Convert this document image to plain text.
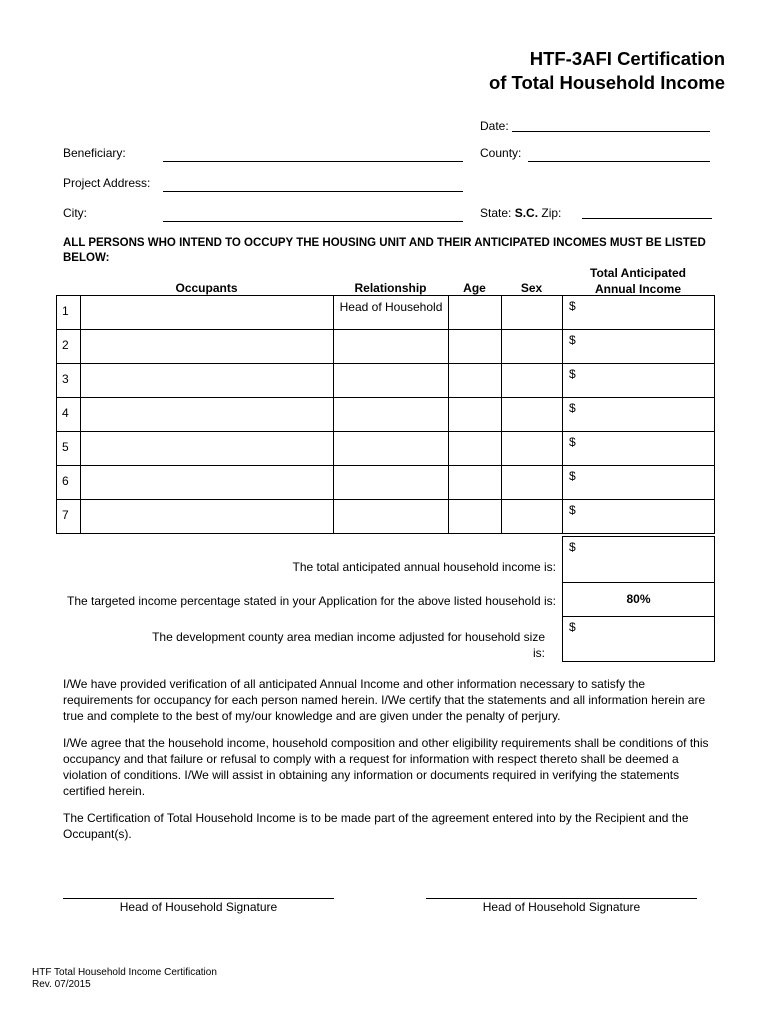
HTF-3AFI Certification
of Total Household Income
Date:
Beneficiary:	County:
Project Address:
City:	State: S.C. Zip:
ALL PERSONS WHO INTEND TO OCCUPY THE HOUSING UNIT AND THEIR ANTICIPATED INCOMES MUST BE LISTED BELOW:
Occupants	Relationship	Age	Sex
Total Anticipated
Annual Income
1		Head of Household			$
2					$
3					$
4					$
5					$
6					$
7					$
The total anticipated annual household income is:
$
The targeted income percentage stated in your Application for the above listed household is:	80%
The development county area median income adjusted for household size
is:
$
I/We have provided verification of all anticipated Annual Income and other information necessary to satisfy the requirements for occupancy for each person named herein. I/We certify that the statements and all information herein are true and complete to the best of my/our knowledge and are given under the penalty of perjury.
I/We agree that the household income, household composition and other eligibility requirements shall be conditions of this occupancy and that failure or refusal to comply with a request for information with respect thereto shall be deemed a violation of conditions. I/We will assist in obtaining any information or documents required in verifying the statements certified herein.
The Certification of Total Household Income is to be made part of the agreement entered into by the Recipient and the Occupant(s).
Head of Household Signature	Head of Household Signature
HTF Total Household Income Certification
Rev. 07/2015
